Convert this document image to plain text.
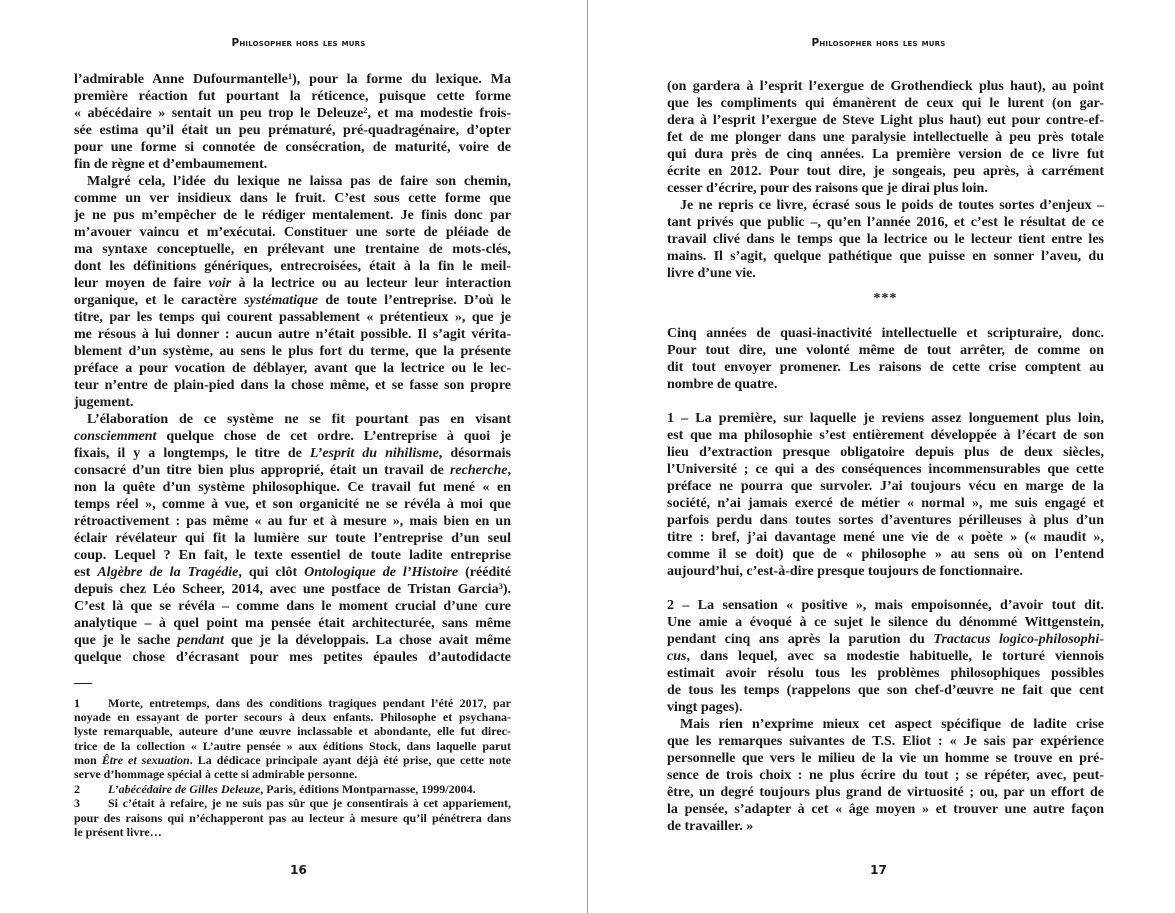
Philosopher hors les murs
l’admirable Anne Dufourmantelle$^1$), pour la forme du lexique. Ma
première réaction fut pourtant la réticence, puisque cette forme
« abécédaire » sentait un peu trop le Deleuze$^2$, et ma modestie frois-
sée estima qu’il était un peu prématuré, pré-quadragénaire, d’opter
pour une forme si connotée de consécration, de maturité, voire de
fin de règne et d’embaumement.
Malgré cela, l’idée du lexique ne laissa pas de faire son chemin,
comme un ver insidieux dans le fruit. C’est sous cette forme que
je ne pus m’empêcher de le rédiger mentalement. Je finis donc par
m’avouer vaincu et m’exécutai. Constituer une sorte de pléiade de
ma syntaxe conceptuelle, en prélevant une trentaine de mots-clés,
dont les définitions génériques, entrecroisées, était à la fin le meil-
leur moyen de faire voir à la lectrice ou au lecteur leur interaction
organique, et le caractère systématique de toute l’entreprise. D’où le
titre, par les temps qui courent passablement « prétentieux », que je
me résous à lui donner : aucun autre n’était possible. Il s’agit vérita-
blement d’un système, au sens le plus fort du terme, que la présente
préface a pour vocation de déblayer, avant que la lectrice ou le lec-
teur n’entre de plain-pied dans la chose même, et se fasse son propre
jugement.
L’élaboration de ce système ne se fit pourtant pas en visant
consciemment quelque chose de cet ordre. L’entreprise à quoi je
fixais, il y a longtemps, le titre de L’esprit du nihilisme, désormais
consacré d’un titre bien plus approprié, était un travail de recherche,
non la quête d’un système philosophique. Ce travail fut mené « en
temps réel », comme à vue, et son organicité ne se révéla à moi que
rétroactivement : pas même « au fur et à mesure », mais bien en un
éclair révélateur qui fit la lumière sur toute l’entreprise d’un seul
coup. Lequel ? En fait, le texte essentiel de toute ladite entreprise
est Algèbre de la Tragédie, qui clôt Ontologique de l’Histoire (réédité
depuis chez Léo Scheer, 2014, avec une postface de Tristan Garcia$^3$).
C’est là que se révéla – comme dans le moment crucial d’une cure
analytique – à quel point ma pensée était architecturée, sans même
que je le sache pendant que je la développais. La chose avait même
quelque chose d’écrasant pour mes petites épaules d’autodidacte
1 Morte, entretemps, dans des conditions tragiques pendant l’été 2017, par
noyade en essayant de porter secours à deux enfants. Philosophe et psychana-
lyste remarquable, auteure d’une œuvre inclassable et abondante, elle fut direc-
trice de la collection « L’autre pensée » aux éditions Stock, dans laquelle parut
mon Être et sexuation. La dédicace principale ayant déjà été prise, que cette note
serve d’hommage spécial à cette si admirable personne.
2 L’abécédaire de Gilles Deleuze, Paris, éditions Montparnasse, 1999/2004.
3 Si c’était à refaire, je ne suis pas sûr que je consentirais à cet appariement,
pour des raisons qui n’échapperont pas au lecteur à mesure qu’il pénétrera dans
le présent livre…
16
Philosopher hors les murs
(on gardera à l’esprit l’exergue de Grothendieck plus haut), au point
que les compliments qui émanèrent de ceux qui le lurent (on gar-
dera à l’esprit l’exergue de Steve Light plus haut) eut pour contre-ef-
fet de me plonger dans une paralysie intellectuelle à peu près totale
qui dura près de cinq années. La première version de ce livre fut
écrite en 2012. Pour tout dire, je songeais, peu après, à carrément
cesser d’écrire, pour des raisons que je dirai plus loin.
Je ne repris ce livre, écrasé sous le poids de toutes sortes d’enjeux –
tant privés que public –, qu’en l’année 2016, et c’est le résultat de ce
travail clivé dans le temps que la lectrice ou le lecteur tient entre les
mains. Il s’agit, quelque pathétique que puisse en sonner l’aveu, du
livre d’une vie.
***
Cinq années de quasi-inactivité intellectuelle et scripturaire, donc.
Pour tout dire, une volonté même de tout arrêter, de comme on
dit tout envoyer promener. Les raisons de cette crise comptent au
nombre de quatre.
1 – La première, sur laquelle je reviens assez longuement plus loin,
est que ma philosophie s’est entièrement développée à l’écart de son
lieu d’extraction presque obligatoire depuis plus de deux siècles,
l’Université ; ce qui a des conséquences incommensurables que cette
préface ne pourra que survoler. J’ai toujours vécu en marge de la
société, n’ai jamais exercé de métier « normal », me suis engagé et
parfois perdu dans toutes sortes d’aventures périlleuses à plus d’un
titre : bref, j’ai davantage mené une vie de « poète » (« maudit »,
comme il se doit) que de « philosophe » au sens où on l’entend
aujourd’hui, c’est-à-dire presque toujours de fonctionnaire.
2 – La sensation « positive », mais empoisonnée, d’avoir tout dit.
Une amie a évoqué à ce sujet le silence du dénommé Wittgenstein,
pendant cinq ans après la parution du Tractacus logico-philosophi-
cus, dans lequel, avec sa modestie habituelle, le torturé viennois
estimait avoir résolu tous les problèmes philosophiques possibles
de tous les temps (rappelons que son chef-d’œuvre ne fait que cent
vingt pages).
Mais rien n’exprime mieux cet aspect spécifique de ladite crise
que les remarques suivantes de T.S. Eliot : « Je sais par expérience
personnelle que vers le milieu de la vie un homme se trouve en pré-
sence de trois choix : ne plus écrire du tout ; se répéter, avec, peut-
être, un degré toujours plus grand de virtuosité ; ou, par un effort de
la pensée, s’adapter à cet « âge moyen » et trouver une autre façon
de travailler. »
17
